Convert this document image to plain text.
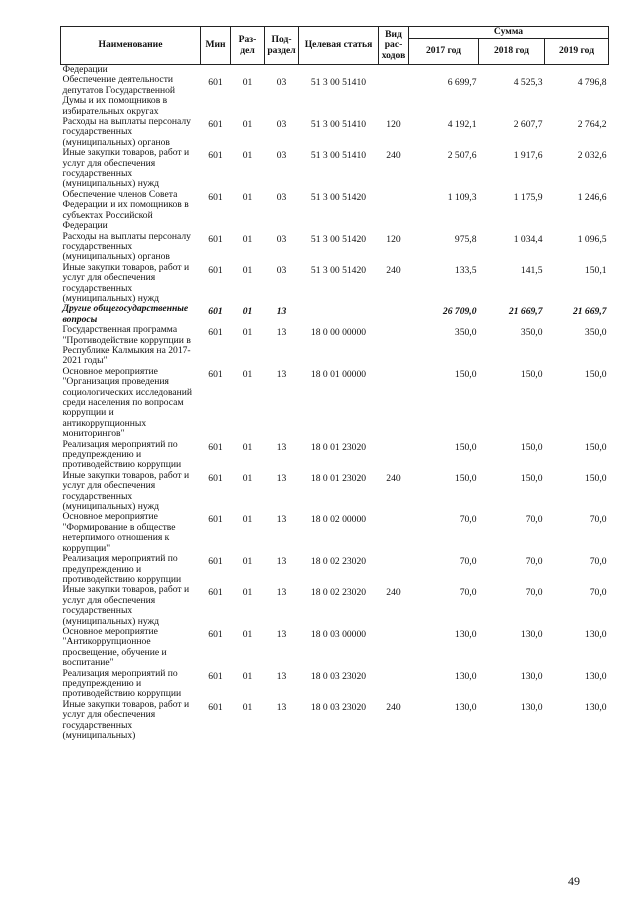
Наименование	Мин	Раз-дел	Под-раздел	Целевая статья	Вид рас-ходов	Сумма		
						2017 год	2018 год	2019 год
Федерации								
Обеспечение деятельности депутатов Государственной Думы и их помощников в избирательных округах	601	01	03	51 3 00 51410		6 699,7	4 525,3	4 796,8
Расходы на выплаты персоналу государственных (муниципальных) органов	601	01	03	51 3 00 51410	120	4 192,1	2 607,7	2 764,2
Иные закупки товаров, работ и услуг для обеспечения государственных (муниципальных) нужд	601	01	03	51 3 00 51410	240	2 507,6	1 917,6	2 032,6
Обеспечение членов Совета Федерации и их помощников в субъектах Российской Федерации	601	01	03	51 3 00 51420		1 109,3	1 175,9	1 246,6
Расходы на выплаты персоналу государственных (муниципальных) органов	601	01	03	51 3 00 51420	120	975,8	1 034,4	1 096,5
Иные закупки товаров, работ и услуг для обеспечения государственных (муниципальных) нужд	601	01	03	51 3 00 51420	240	133,5	141,5	150,1
Другие общегосударственные вопросы	601	01	13			26 709,0	21 669,7	21 669,7
Государственная программа "Противодействие коррупции в Республике Калмыкия на 2017-2021 годы"	601	01	13	18 0 00 00000		350,0	350,0	350,0
Основное мероприятие "Организация проведения социологических исследований среди населения по вопросам коррупции и антикоррупционных мониторингов"	601	01	13	18 0 01 00000		150,0	150,0	150,0
Реализация мероприятий по предупреждению и противодействию коррупции	601	01	13	18 0 01 23020		150,0	150,0	150,0
Иные закупки товаров, работ и услуг для обеспечения государственных (муниципальных) нужд	601	01	13	18 0 01 23020	240	150,0	150,0	150,0
Основное мероприятие "Формирование в обществе нетерпимого отношения к коррупции"	601	01	13	18 0 02 00000		70,0	70,0	70,0
Реализация мероприятий по предупреждению и противодействию коррупции	601	01	13	18 0 02 23020		70,0	70,0	70,0
Иные закупки товаров, работ и услуг для обеспечения государственных (муниципальных) нужд	601	01	13	18 0 02 23020	240	70,0	70,0	70,0
Основное мероприятие "Антикоррупционное просвещение, обучение и воспитание"	601	01	13	18 0 03 00000		130,0	130,0	130,0
Реализация мероприятий по предупреждению и противодействию коррупции	601	01	13	18 0 03 23020		130,0	130,0	130,0
Иные закупки товаров, работ и услуг для обеспечения государственных (муниципальных)	601	01	13	18 0 03 23020	240	130,0	130,0	130,0
49
